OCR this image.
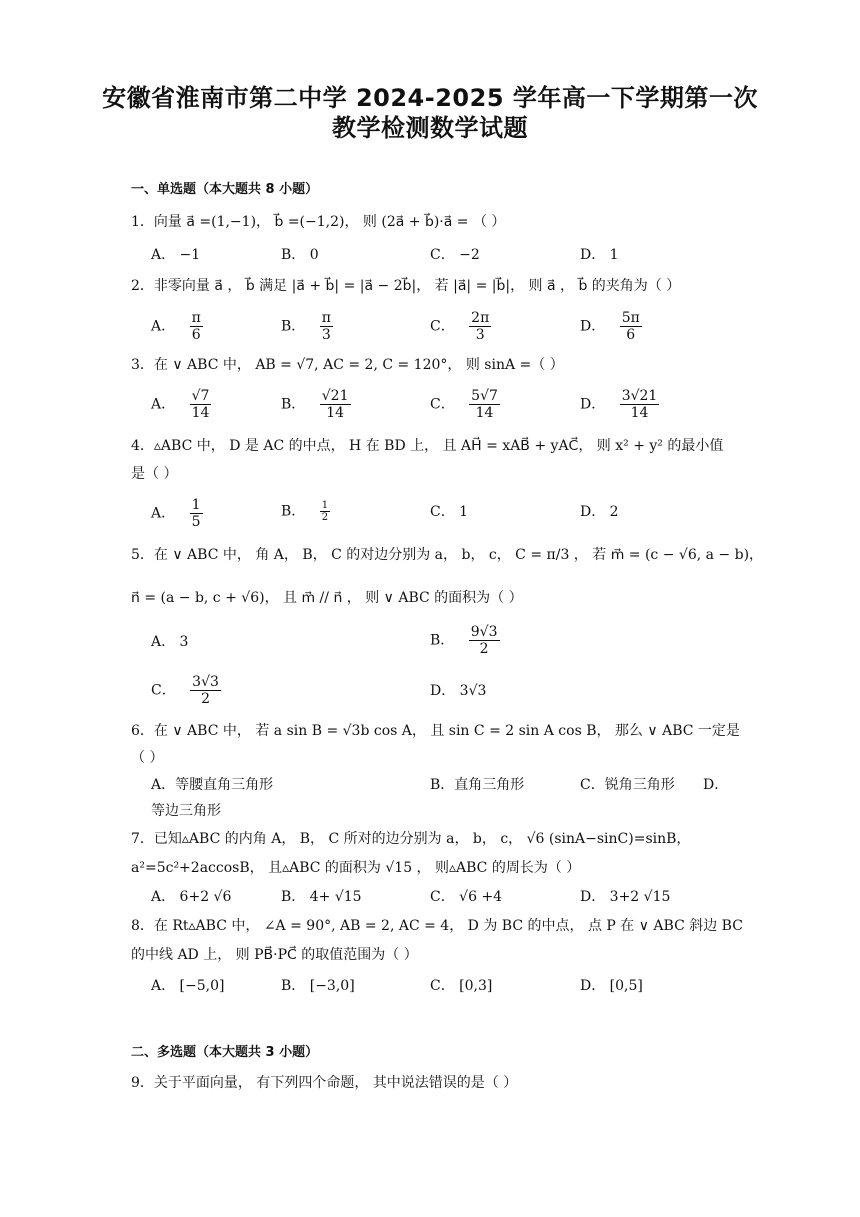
安徽省淮南市第二中学 2024-2025 学年高一下学期第一次
教学检测数学试题
一、单选题（本大题共 8 小题）
1．向量 a⃗ =(1,−1)， b⃗ =(−1,2)， 则 (2a⃗ + b⃗)·a⃗ = （ ）
A． −1	B． 0	C． −2	D． 1
2．非零向量 a⃗ ， b⃗ 满足 |a⃗ + b⃗| = |a⃗ − 2b⃗|， 若 |a⃗| = |b⃗|， 则 a⃗ ， b⃗ 的夹角为（ ）
A． $\frac{\pi}{6}$	B． $\frac{\pi}{3}$	C． $\frac{2\pi}{3}$	D． $\frac{5\pi}{6}$
3．在 ∨ ABC 中， AB = √7, AC = 2, C = 120°， 则 sinA =（ ）
A． $\frac{√7}{14}$	B． $\frac{√21}{14}$	C． $\frac{5√7}{14}$	D． $\frac{3√21}{14}$
4．▵ABC 中， D 是 AC 的中点， H 在 BD 上， 且 AH⃗ = xAB⃗ + yAC⃗， 则 x² + y² 的最小值
是（ ）
A． $\frac{1}{5}$	B． $\frac{1}{2}$	C． 1	D． 2
5．在 ∨ ABC 中， 角 A， B， C 的对边分别为 a， b， c， C = π/3 ， 若 m⃗ = (c − √6, a − b)，
n⃗ = (a − b, c + √6)， 且 m⃗ // n⃗ ， 则 ∨ ABC 的面积为（ ）
A． 3	B． $\frac{9√3}{2}$
C． $\frac{3√3}{2}$	D． 3√3
6．在 ∨ ABC 中， 若 a sin B = √3b cos A， 且 sin C = 2 sin A cos B， 那么 ∨ ABC 一定是
（ ）
A．等腰直角三角形	B．直角三角形	C．锐角三角形 D．
等边三角形
7．已知▵ABC 的内角 A， B， C 所对的边分别为 a， b， c， √6 (sinA−sinC)=sinB，
a²=5c²+2accosB， 且▵ABC 的面积为 √15 ， 则▵ABC 的周长为（ ）
A． 6+2 √6	B． 4+ √15	C． √6 +4	D． 3+2 √15
8．在 Rt▵ABC 中， ∠A = 90°, AB = 2, AC = 4， D 为 BC 的中点， 点 P 在 ∨ ABC 斜边 BC
的中线 AD 上， 则 PB⃗·PC⃗ 的取值范围为（ ）
A． [−5,0]	B． [−3,0]	C． [0,3]	D． [0,5]
二、多选题（本大题共 3 小题）
9．关于平面向量， 有下列四个命题， 其中说法错误的是（ ）
